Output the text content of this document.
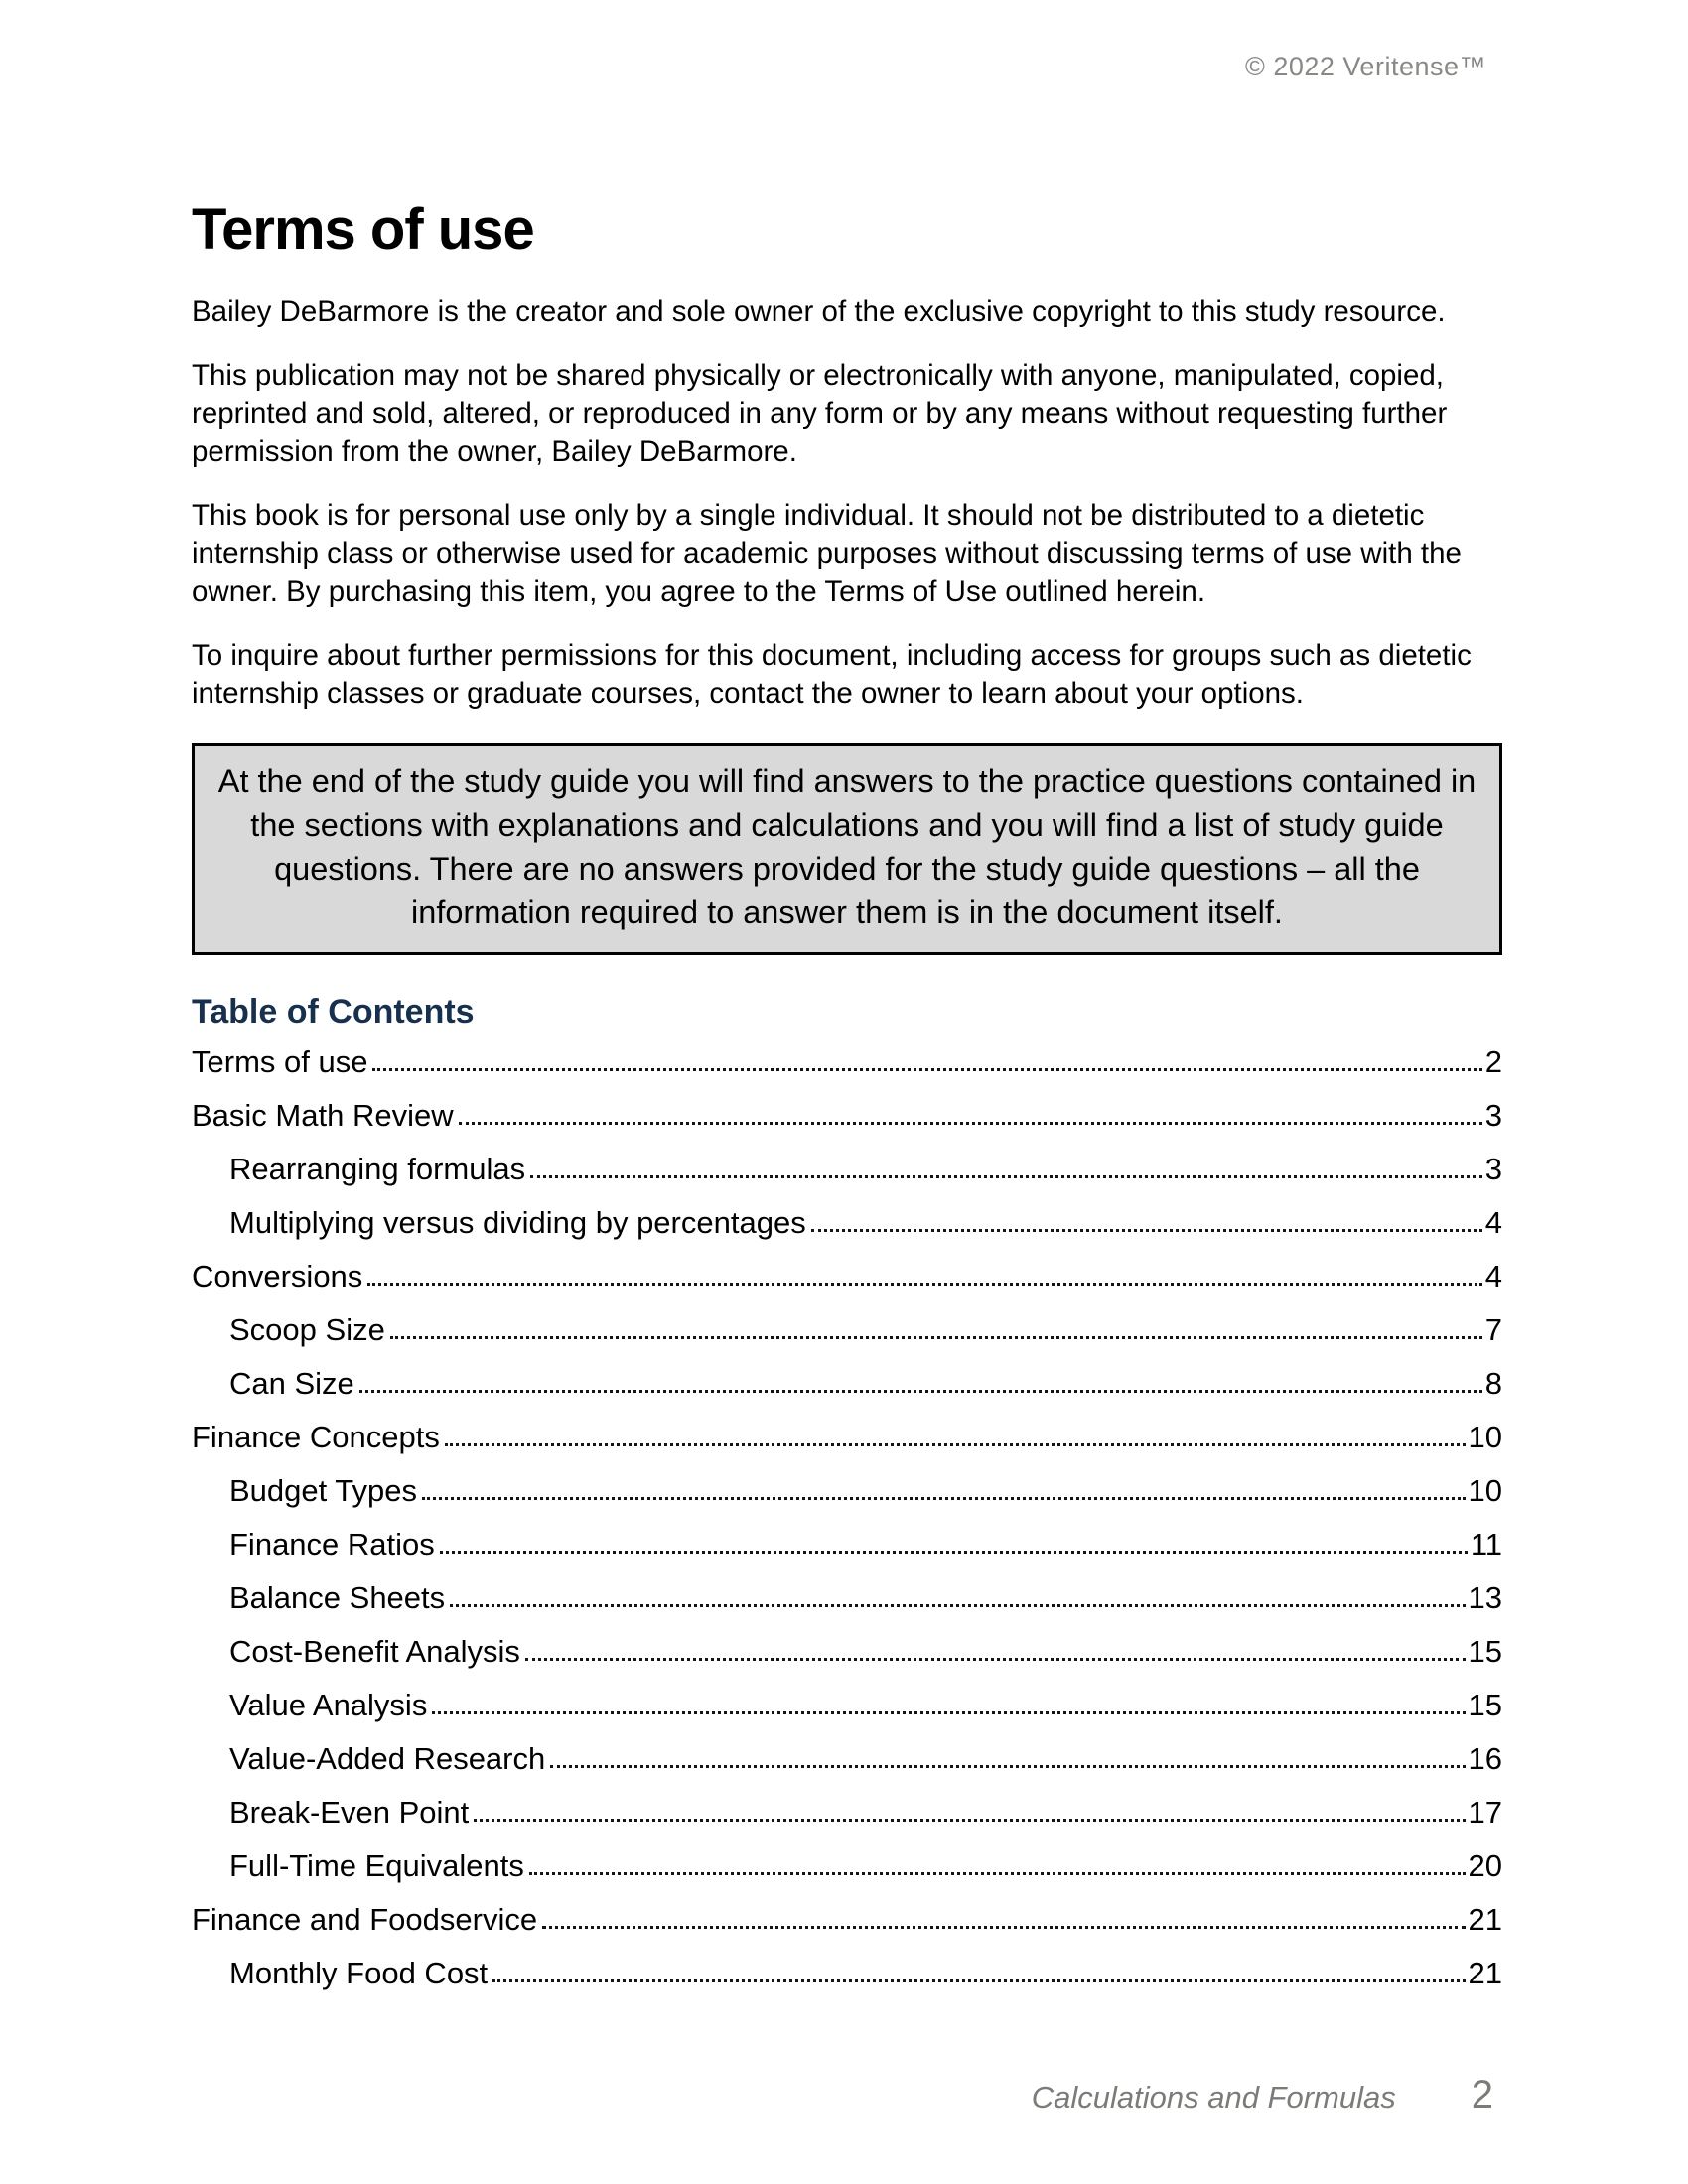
© 2022 Veritense™
Terms of use

Bailey DeBarmore is the creator and sole owner of the exclusive copyright to this study resource.

This publication may not be shared physically or electronically with anyone, manipulated, copied, reprinted and sold, altered, or reproduced in any form or by any means without requesting further permission from the owner, Bailey DeBarmore.

This book is for personal use only by a single individual. It should not be distributed to a dietetic internship class or otherwise used for academic purposes without discussing terms of use with the owner. By purchasing this item, you agree to the Terms of Use outlined herein.

To inquire about further permissions for this document, including access for groups such as dietetic internship classes or graduate courses, contact the owner to learn about your options.

At the end of the study guide you will find answers to the practice questions contained in the sections with explanations and calculations and you will find a list of study guide questions. There are no answers provided for the study guide questions – all the information required to answer them is in the document itself.
Table of Contents
Terms of use	2
Basic Math Review	3
Rearranging formulas	3
Multiplying versus dividing by percentages	4
Conversions	4
Scoop Size	7
Can Size	8
Finance Concepts	10
Budget Types	10
Finance Ratios	11
Balance Sheets	13
Cost-Benefit Analysis	15
Value Analysis	15
Value-Added Research	16
Break-Even Point	17
Full-Time Equivalents	20
Finance and Foodservice	21
Monthly Food Cost	21
Calculations and Formulas 2
